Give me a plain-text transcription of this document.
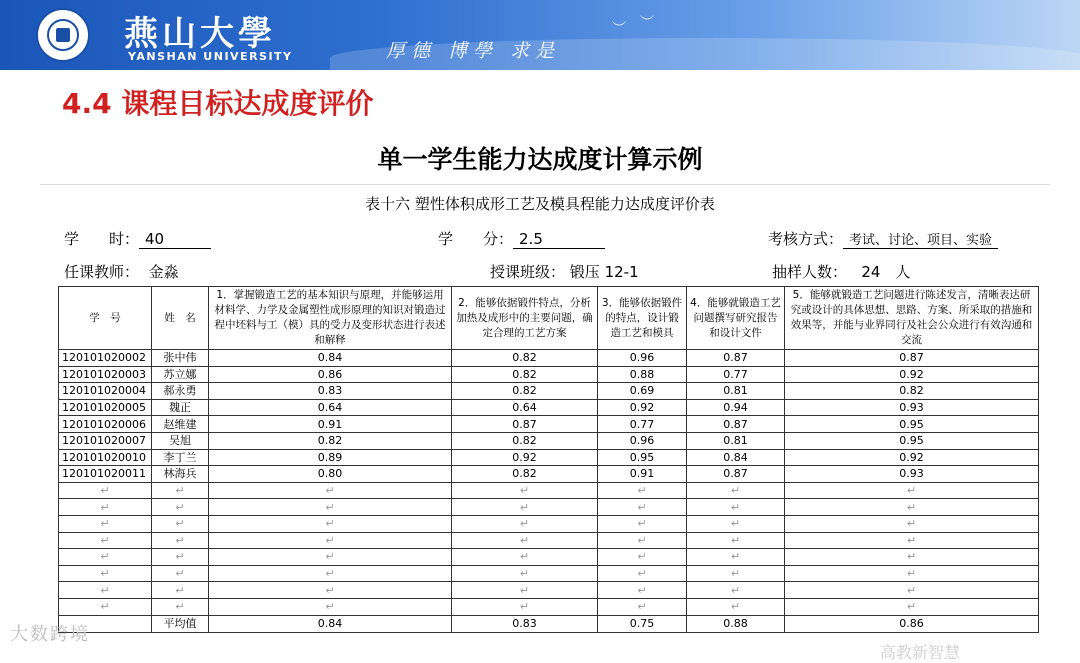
燕山大學
YANSHAN UNIVERSITY	厚德 博學 求是
︶ ︶
4.4 课程目标达成度评价
单一学生能力达成度计算示例
表十六 塑性体积成形工艺及模具程能力达成度评价表
学　　时： 40	学　　分： 2.5	考核方式： 考试、讨论、项目、实验
任课教师： 金淼	授课班级： 锻压 12-1	抽样人数： 24　人
学　号	姓　名	1．掌握锻造工艺的基本知识与原理，并能够运用材料学、力学及金属塑性成形原理的知识对锻造过程中坯料与工（模）具的受力及变形状态进行表述和解释	2．能够依据锻件特点，分析加热及成形中的主要问题，确定合理的工艺方案	3．能够依据锻件的特点，设计锻造工艺和模具	4．能够就锻造工艺问题撰写研究报告和设计文件	5．能够就锻造工艺问题进行陈述发言，清晰表达研究或设计的具体思想、思路、方案、所采取的措施和效果等，并能与业界同行及社会公众进行有效沟通和交流
120101020002	张中伟	0.84	0.82	0.96	0.87	0.87
120101020003	苏立娜	0.86	0.82	0.88	0.77	0.92
120101020004	郝永勇	0.83	0.82	0.69	0.81	0.82
120101020005	魏正	0.64	0.64	0.92	0.94	0.93
120101020006	赵维建	0.91	0.87	0.77	0.87	0.95
120101020007	吴旭	0.82	0.82	0.96	0.81	0.95
120101020010	李丁兰	0.89	0.92	0.95	0.84	0.92
120101020011	林海兵	0.80	0.82	0.91	0.87	0.93
↵	↵	↵	↵	↵	↵	↵
↵	↵	↵	↵	↵	↵	↵
↵	↵	↵	↵	↵	↵	↵
↵	↵	↵	↵	↵	↵	↵
↵	↵	↵	↵	↵	↵	↵
↵	↵	↵	↵	↵	↵	↵
↵	↵	↵	↵	↵	↵	↵
↵	↵	↵	↵	↵	↵	↵
	平均值	0.84	0.83	0.75	0.88	0.86
大数跨境
高教新智慧
